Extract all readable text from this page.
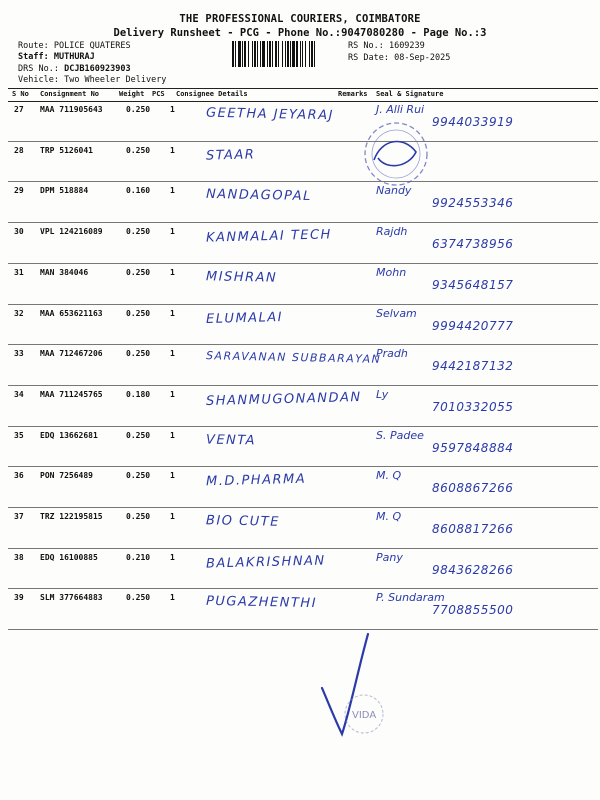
THE PROFESSIONAL COURIERS, COIMBATORE
Delivery Runsheet - PCG - Phone No.:9047080280 - Page No.:3
Route: POLICE QUATERES
Staff: MUTHURAJ
DRS No.: DCJB160923903
Vehicle: Two Wheeler Delivery
RS No.: 1609239
RS Date: 08-Sep-2025
S No Consignment No	Weight PCS Consignee Details	Remarks Seal & Signature
27 MAA 711905643	0.250 1 GEETHA JEYARAJ	J. Alli Rui
9944033919
28 TRP 5126041	0.250 1 STAAR
29 DPM 518884	0.160 1 NANDAGOPAL	Nandy
9924553346
30 VPL 124216089	0.250 1 KANMALAI TECH	Rajdh
6374738956
31 MAN 384046	0.250 1 MISHRAN	Mohn
9345648157
32 MAA 653621163	0.250 1 ELUMALAI	Selvam
9994420777
33 MAA 712467206	0.250 1	SARAVANAN SUBBARAYAN
Pradh
9442187132
34 MAA 711245765	0.180 1 SHANMUGONANDAN Ly
7010332055
35 EDQ 13662681	0.250 1 VENTA	S. Padee
9597848884
36 PON 7256489	0.250 1 M.D.PHARMA	M. Q
8608867266
37 TRZ 122195815	0.250 1 BIO CUTE	M. Q
8608817266
38 EDQ 16100885	0.210 1 BALAKRISHNAN	Pany
9843628266
39 SLM 377664883	0.250 1 PUGAZHENTHI	P. Sundaram
7708855500
VIDA
